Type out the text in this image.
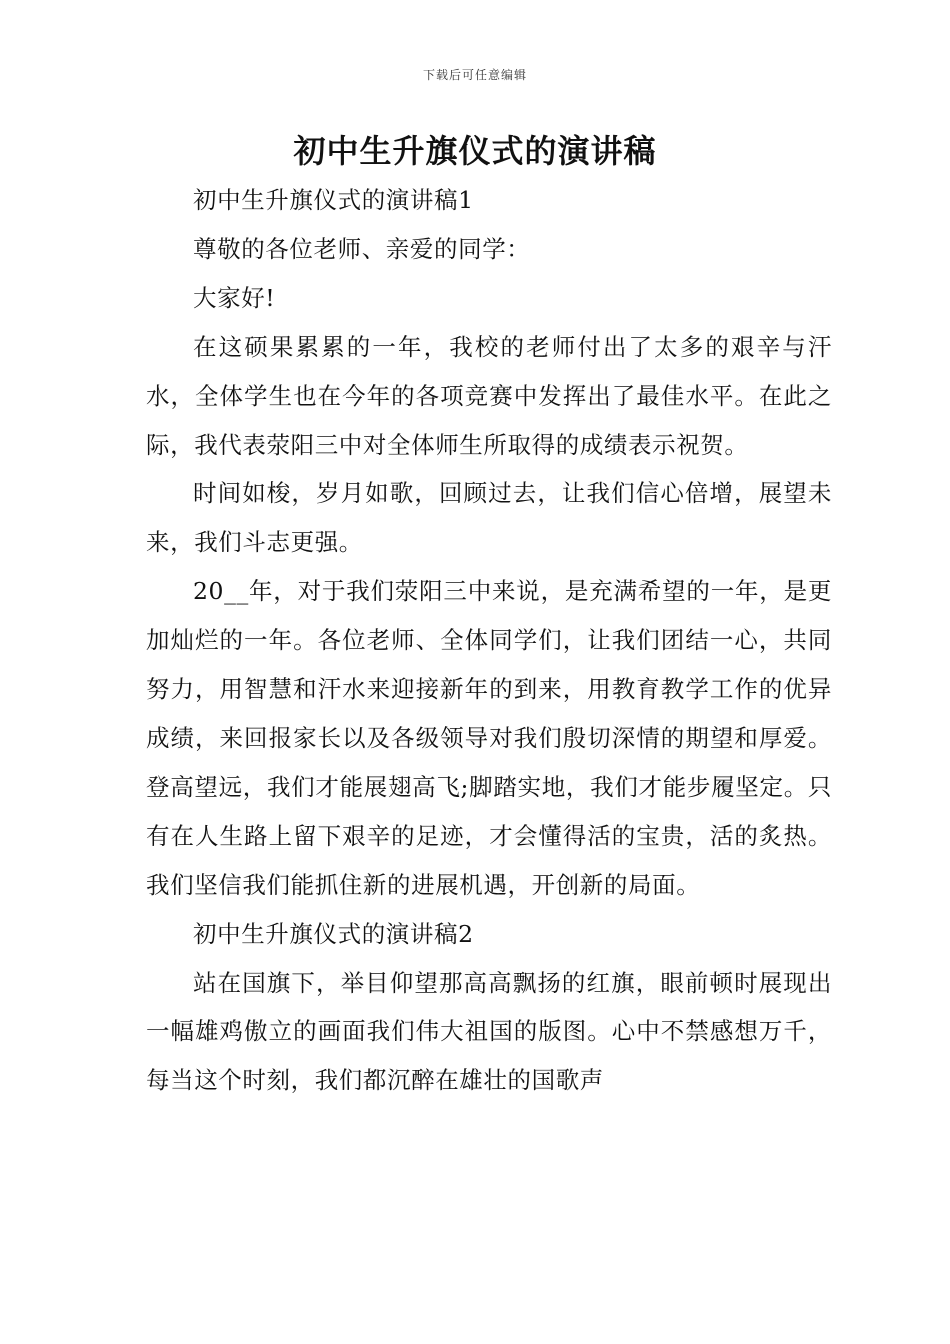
下载后可任意编辑
初中生升旗仪式的演讲稿

初中生升旗仪式的演讲稿1

尊敬的各位老师、亲爱的同学：

大家好!

在这硕果累累的一年，我校的老师付出了太多的艰辛与汗水，全体学生也在今年的各项竞赛中发挥出了最佳水平。在此之际，我代表荥阳三中对全体师生所取得的成绩表示祝贺。

时间如梭，岁月如歌，回顾过去，让我们信心倍增，展望未来，我们斗志更强。

20__年，对于我们荥阳三中来说，是充满希望的一年，是更加灿烂的一年。各位老师、全体同学们，让我们团结一心，共同努力，用智慧和汗水来迎接新年的到来，用教育教学工作的优异成绩，来回报家长以及各级领导对我们殷切深情的期望和厚爱。登高望远，我们才能展翅高飞;脚踏实地，我们才能步履坚定。只有在人生路上留下艰辛的足迹，才会懂得活的宝贵，活的炙热。我们坚信我们能抓住新的进展机遇，开创新的局面。

初中生升旗仪式的演讲稿2

站在国旗下，举目仰望那高高飘扬的红旗，眼前顿时展现出一幅雄鸡傲立的画面我们伟大祖国的版图。心中不禁感想万千，每当这个时刻，我们都沉醉在雄壮的国歌声
